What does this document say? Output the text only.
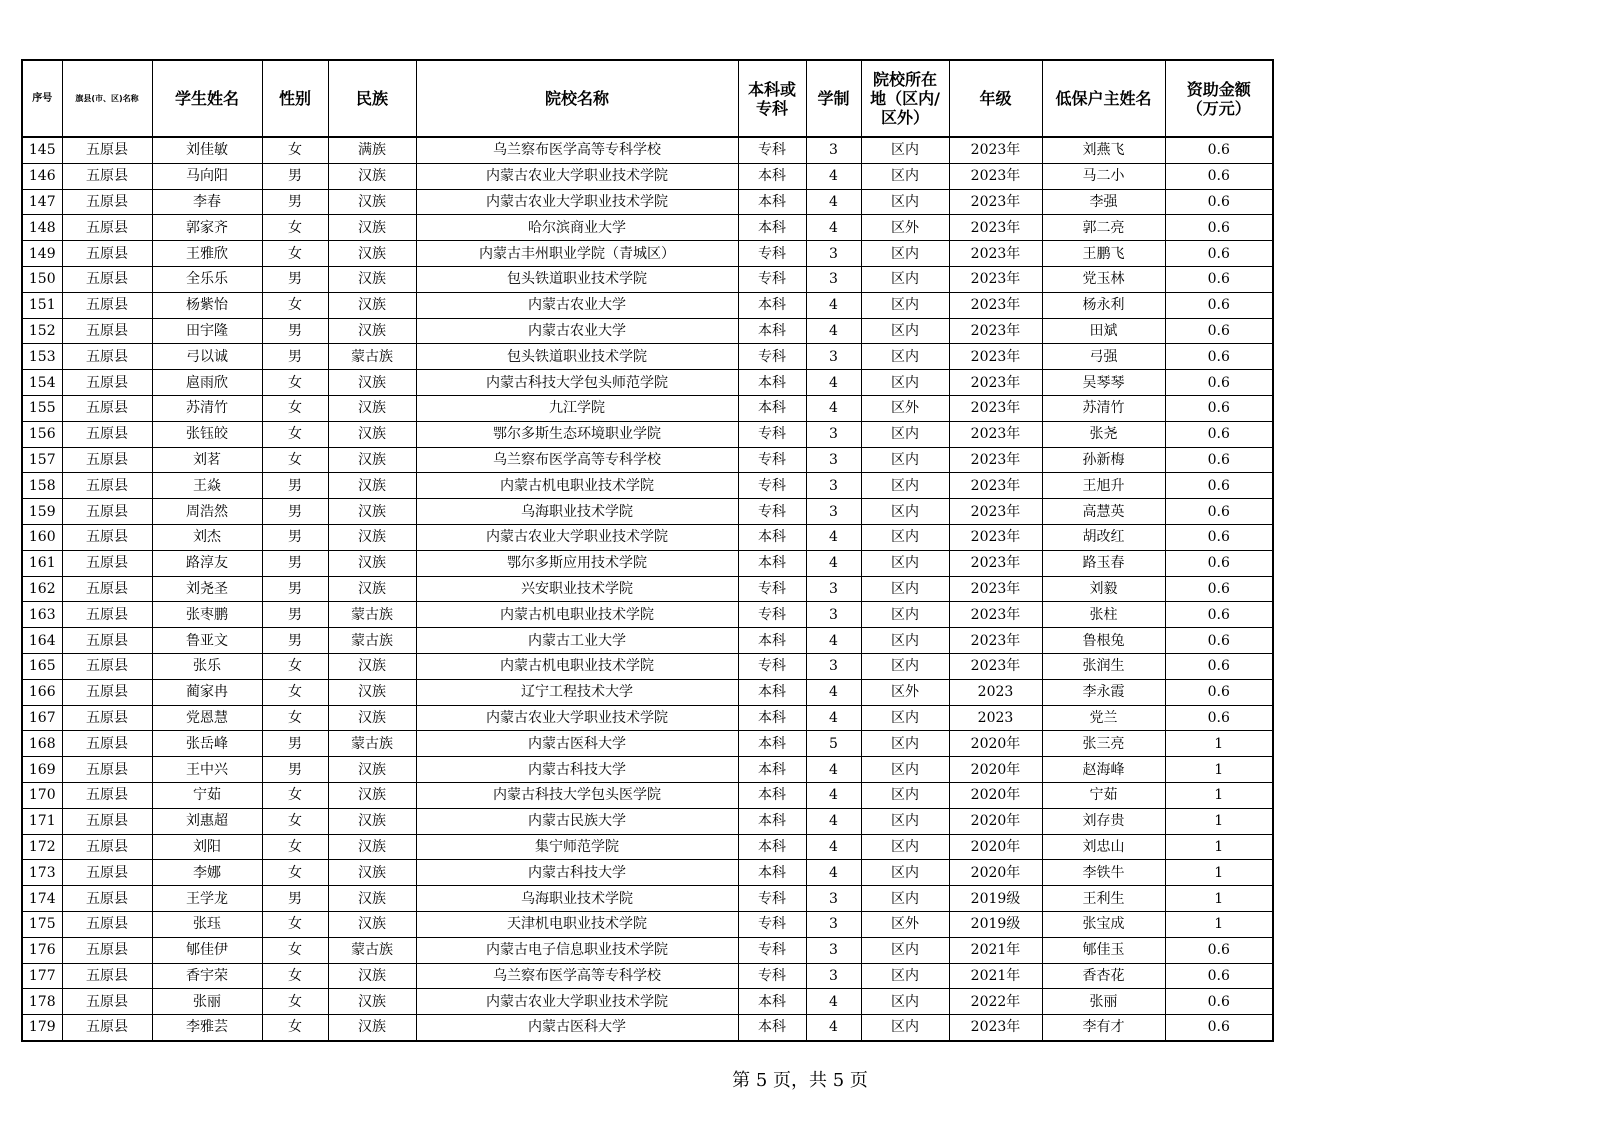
序号	旗县(市、区)名称	学生姓名	性别	民族	院校名称	本科或专科	学制	院校所在地（区内/区外）	年级	低保户主姓名	资助金额（万元）
145	五原县	刘佳敏	女	满族	乌兰察布医学高等专科学校	专科	3	区内	2023年	刘燕飞	0.6
146	五原县	马向阳	男	汉族	内蒙古农业大学职业技术学院	本科	4	区内	2023年	马二小	0.6
147	五原县	李春	男	汉族	内蒙古农业大学职业技术学院	本科	4	区内	2023年	李强	0.6
148	五原县	郭家齐	女	汉族	哈尔滨商业大学	本科	4	区外	2023年	郭二亮	0.6
149	五原县	王雅欣	女	汉族	内蒙古丰州职业学院（青城区）	专科	3	区内	2023年	王鹏飞	0.6
150	五原县	全乐乐	男	汉族	包头铁道职业技术学院	专科	3	区内	2023年	党玉林	0.6
151	五原县	杨紫怡	女	汉族	内蒙古农业大学	本科	4	区内	2023年	杨永利	0.6
152	五原县	田宇隆	男	汉族	内蒙古农业大学	本科	4	区内	2023年	田斌	0.6
153	五原县	弓以诚	男	蒙古族	包头铁道职业技术学院	专科	3	区内	2023年	弓强	0.6
154	五原县	扈雨欣	女	汉族	内蒙古科技大学包头师范学院	本科	4	区内	2023年	吴琴琴	0.6
155	五原县	苏清竹	女	汉族	九江学院	本科	4	区外	2023年	苏清竹	0.6
156	五原县	张钰皎	女	汉族	鄂尔多斯生态环境职业学院	专科	3	区内	2023年	张尧	0.6
157	五原县	刘茗	女	汉族	乌兰察布医学高等专科学校	专科	3	区内	2023年	孙新梅	0.6
158	五原县	王焱	男	汉族	内蒙古机电职业技术学院	专科	3	区内	2023年	王旭升	0.6
159	五原县	周浩然	男	汉族	乌海职业技术学院	专科	3	区内	2023年	高慧英	0.6
160	五原县	刘杰	男	汉族	内蒙古农业大学职业技术学院	本科	4	区内	2023年	胡改红	0.6
161	五原县	路淳友	男	汉族	鄂尔多斯应用技术学院	本科	4	区内	2023年	路玉春	0.6
162	五原县	刘尧圣	男	汉族	兴安职业技术学院	专科	3	区内	2023年	刘毅	0.6
163	五原县	张枣鹏	男	蒙古族	内蒙古机电职业技术学院	专科	3	区内	2023年	张柱	0.6
164	五原县	鲁亚文	男	蒙古族	内蒙古工业大学	本科	4	区内	2023年	鲁根兔	0.6
165	五原县	张乐	女	汉族	内蒙古机电职业技术学院	专科	3	区内	2023年	张润生	0.6
166	五原县	蔺家冉	女	汉族	辽宁工程技术大学	本科	4	区外	2023	李永霞	0.6
167	五原县	党恩慧	女	汉族	内蒙古农业大学职业技术学院	本科	4	区内	2023	党兰	0.6
168	五原县	张岳峰	男	蒙古族	内蒙古医科大学	本科	5	区内	2020年	张三亮	1
169	五原县	王中兴	男	汉族	内蒙古科技大学	本科	4	区内	2020年	赵海峰	1
170	五原县	宁茹	女	汉族	内蒙古科技大学包头医学院	本科	4	区内	2020年	宁茹	1
171	五原县	刘惠超	女	汉族	内蒙古民族大学	本科	4	区内	2020年	刘存贵	1
172	五原县	刘阳	女	汉族	集宁师范学院	本科	4	区内	2020年	刘忠山	1
173	五原县	李娜	女	汉族	内蒙古科技大学	本科	4	区内	2020年	李铁牛	1
174	五原县	王学龙	男	汉族	乌海职业技术学院	专科	3	区内	2019级	王利生	1
175	五原县	张珏	女	汉族	天津机电职业技术学院	专科	3	区外	2019级	张宝成	1
176	五原县	郇佳伊	女	蒙古族	内蒙古电子信息职业技术学院	专科	3	区内	2021年	郇佳玉	0.6
177	五原县	香宇荣	女	汉族	乌兰察布医学高等专科学校	专科	3	区内	2021年	香杏花	0.6
178	五原县	张丽	女	汉族	内蒙古农业大学职业技术学院	本科	4	区内	2022年	张丽	0.6
179	五原县	李雅芸	女	汉族	内蒙古医科大学	本科	4	区内	2023年	李有才	0.6
第 5 页，共 5 页
